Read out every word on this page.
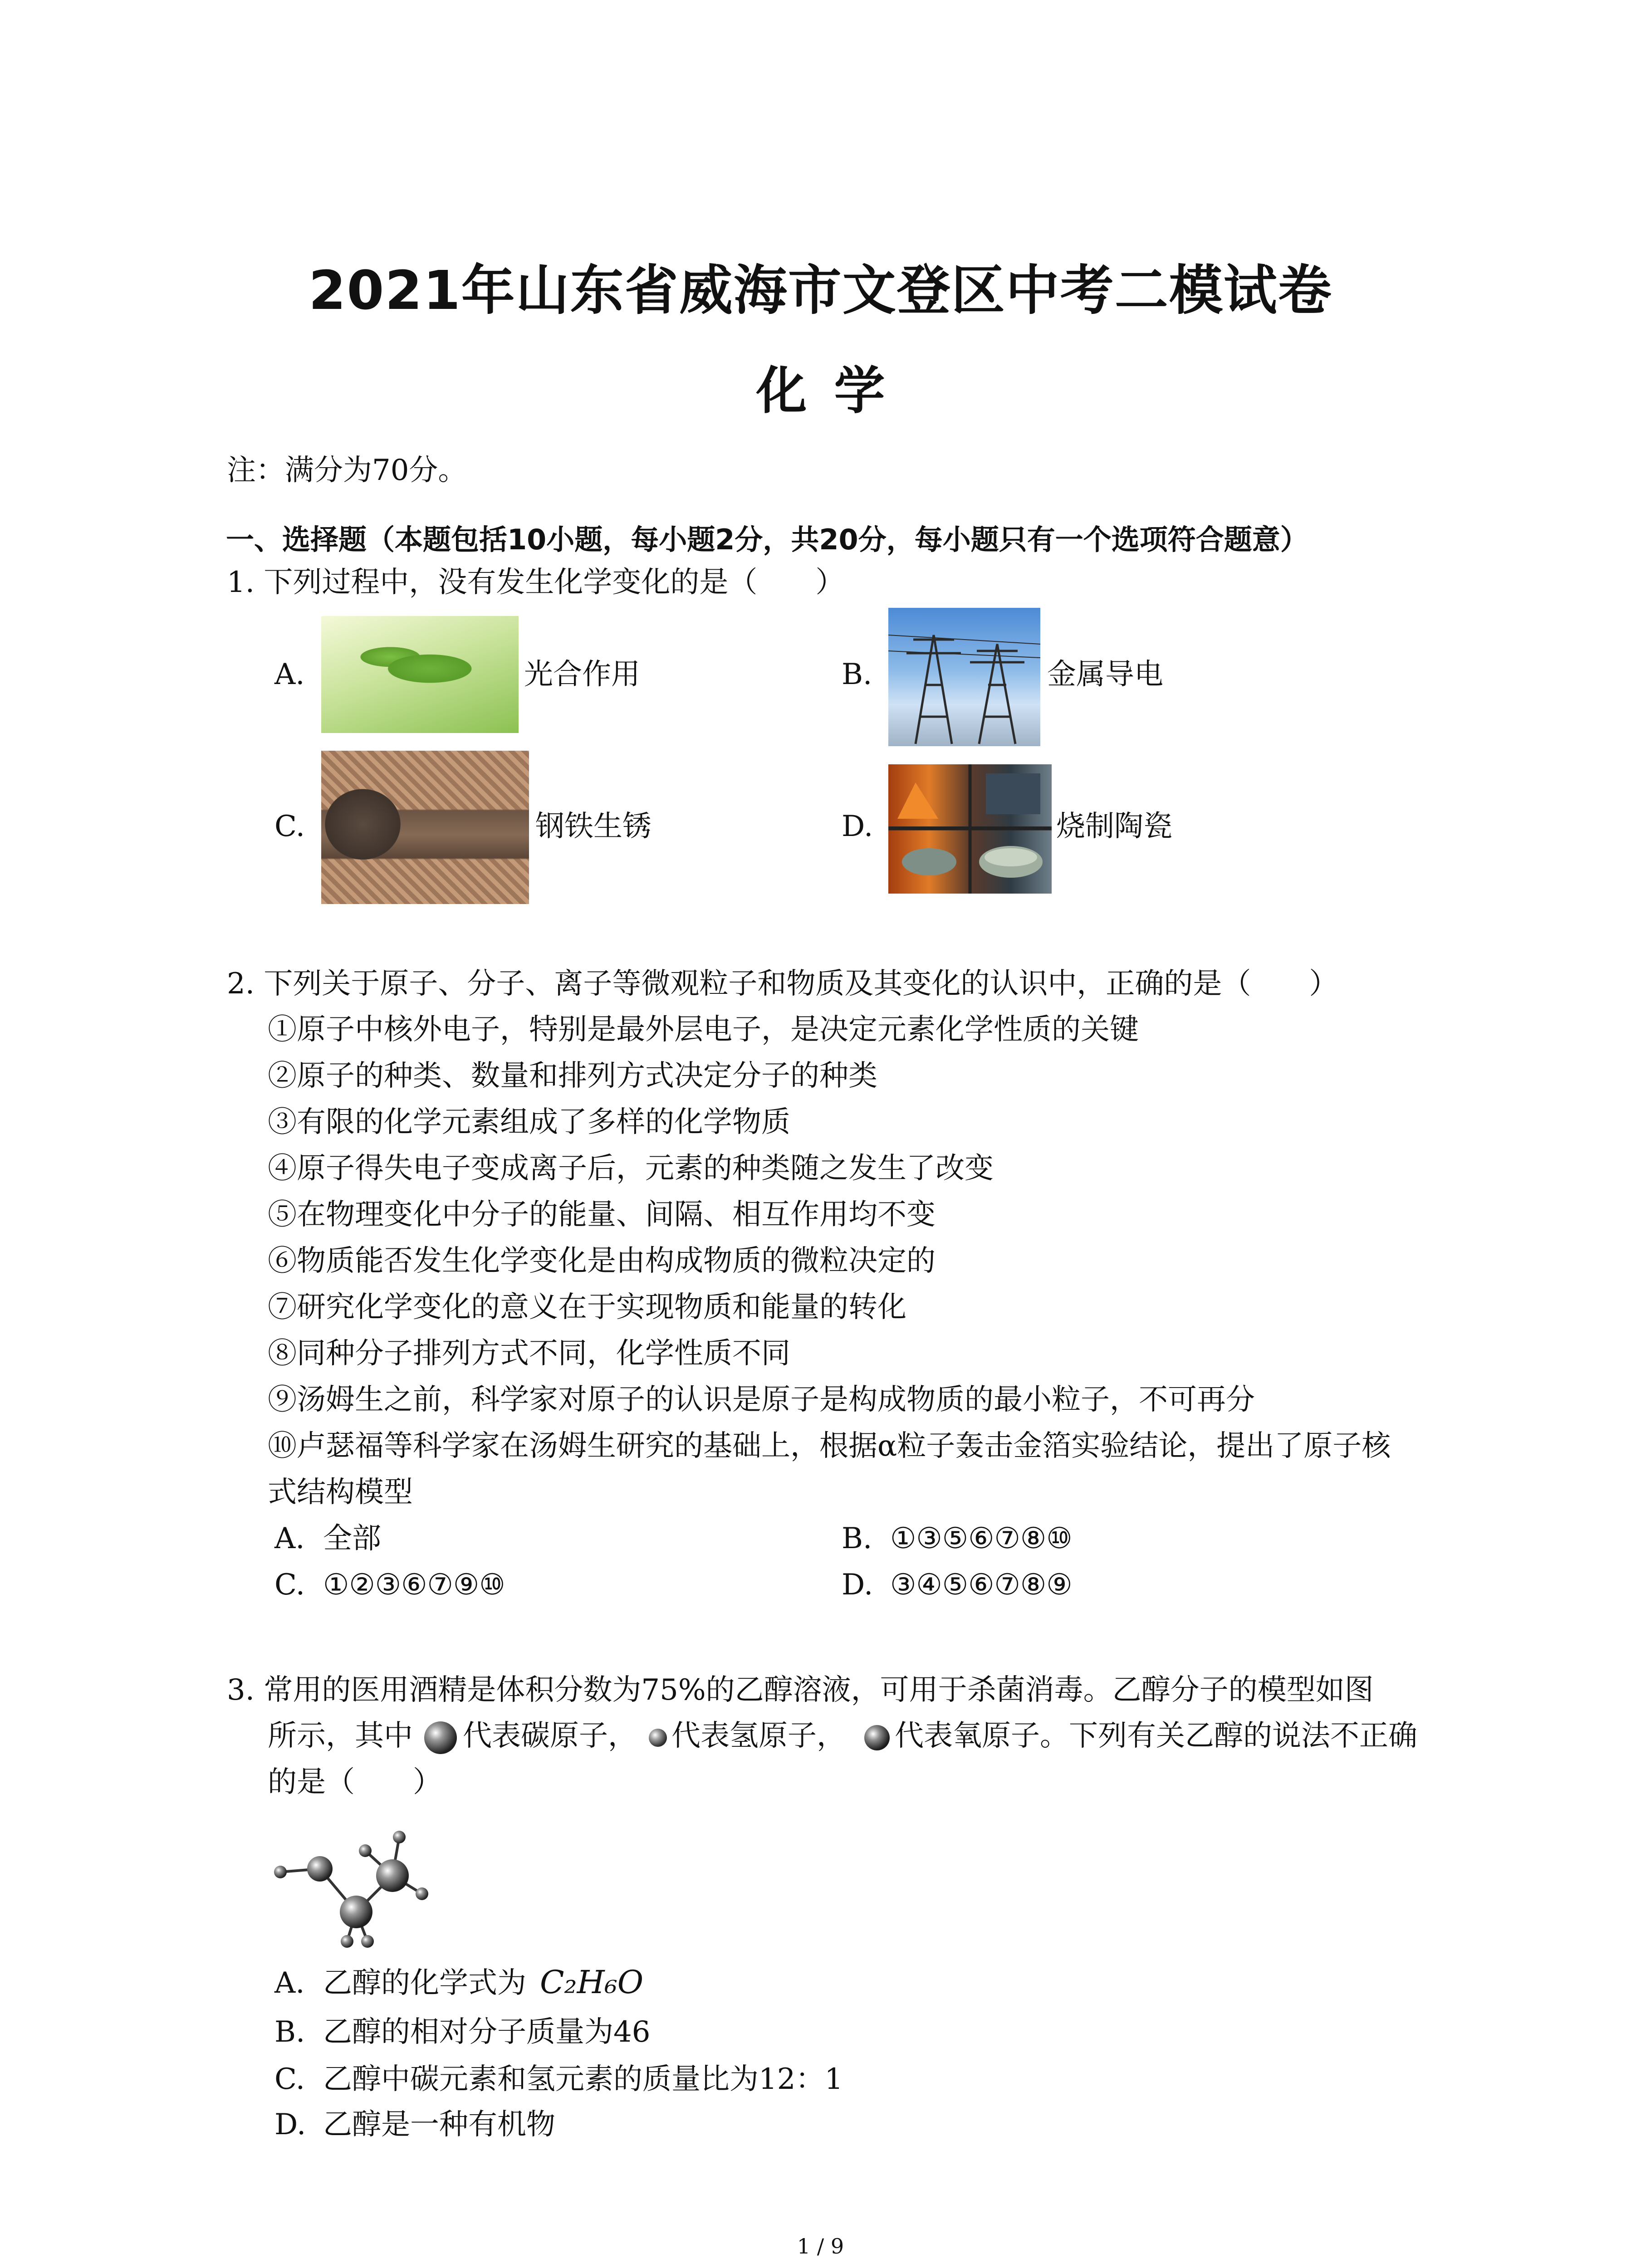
2021年山东省威海市文登区中考二模试卷
化学
注：满分为70分。
一、选择题（本题包括10小题，每小题2分，共20分，每小题只有一个选项符合题意）
1. 下列过程中，没有发生化学变化的是（　　）
A.	光合作用	B.	金属导电
C.	钢铁生锈	D.	烧制陶瓷
2. 下列关于原子、分子、离子等微观粒子和物质及其变化的认识中，正确的是（　　）
①原子中核外电子，特别是最外层电子，是决定元素化学性质的关键
②原子的种类、数量和排列方式决定分子的种类
③有限的化学元素组成了多样的化学物质
④原子得失电子变成离子后，元素的种类随之发生了改变
⑤在物理变化中分子的能量、间隔、相互作用均不变
⑥物质能否发生化学变化是由构成物质的微粒决定的
⑦研究化学变化的意义在于实现物质和能量的转化
⑧同种分子排列方式不同，化学性质不同
⑨汤姆生之前，科学家对原子的认识是原子是构成物质的最小粒子，不可再分
⑩卢瑟福等科学家在汤姆生研究的基础上，根据α粒子轰击金箔实验结论，提出了原子核
式结构模型
A. 全部	B. ①③⑤⑥⑦⑧⑩
C. ①②③⑥⑦⑨⑩	D. ③④⑤⑥⑦⑧⑨
3. 常用的医用酒精是体积分数为75%的乙醇溶液，可用于杀菌消毒。乙醇分子的模型如图
所示，其中 代表碳原子， 代表氢原子， 代表氧原子。下列有关乙醇的说法不正确
的是（　　）
A. 乙醇的化学式为 C₂H₆O
B. 乙醇的相对分子质量为46
C. 乙醇中碳元素和氢元素的质量比为12：1
D. 乙醇是一种有机物
1 / 9
